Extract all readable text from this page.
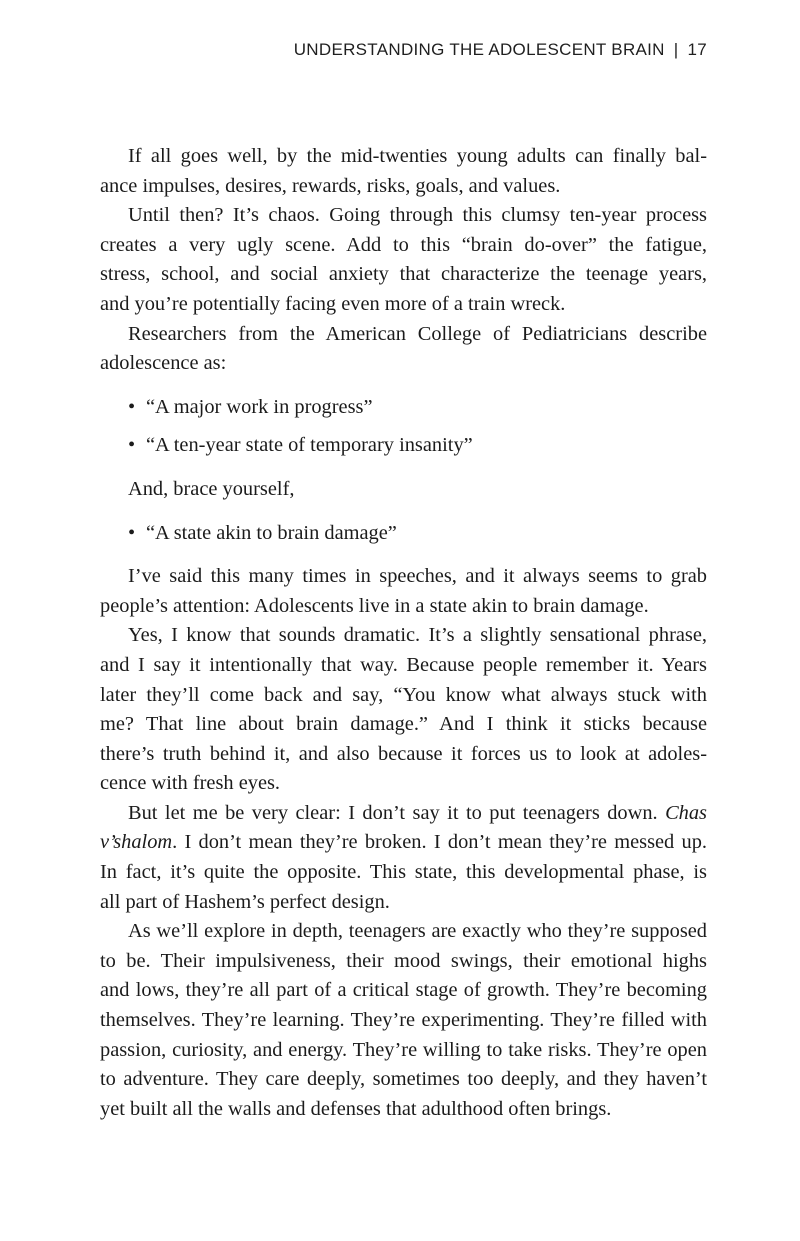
UNDERSTANDING THE ADOLESCENT BRAIN | 17
If all goes well, by the mid-twenties young adults can finally bal-
ance impulses, desires, rewards, risks, goals, and values.
Until then? It’s chaos. Going through this clumsy ten-year process
creates a very ugly scene. Add to this “brain do-over” the fatigue,
stress, school, and social anxiety that characterize the teenage years,
and you’re potentially facing even more of a train wreck.
Researchers from the American College of Pediatricians describe
adolescence as:
• “A major work in progress”
• “A ten-year state of temporary insanity”
And, brace yourself,
• “A state akin to brain damage”
I’ve said this many times in speeches, and it always seems to grab
people’s attention: Adolescents live in a state akin to brain damage.
Yes, I know that sounds dramatic. It’s a slightly sensational phrase,
and I say it intentionally that way. Because people remember it. Years
later they’ll come back and say, “You know what always stuck with
me? That line about brain damage.” And I think it sticks because
there’s truth behind it, and also because it forces us to look at adoles-
cence with fresh eyes.
But let me be very clear: I don’t say it to put teenagers down. Chas
v’shalom. I don’t mean they’re broken. I don’t mean they’re messed up.
In fact, it’s quite the opposite. This state, this developmental phase, is
all part of Hashem’s perfect design.
As we’ll explore in depth, teenagers are exactly who they’re supposed
to be. Their impulsiveness, their mood swings, their emotional highs
and lows, they’re all part of a critical stage of growth. They’re becoming
themselves. They’re learning. They’re experimenting. They’re filled with
passion, curiosity, and energy. They’re willing to take risks. They’re open
to adventure. They care deeply, sometimes too deeply, and they haven’t
yet built all the walls and defenses that adulthood often brings.
